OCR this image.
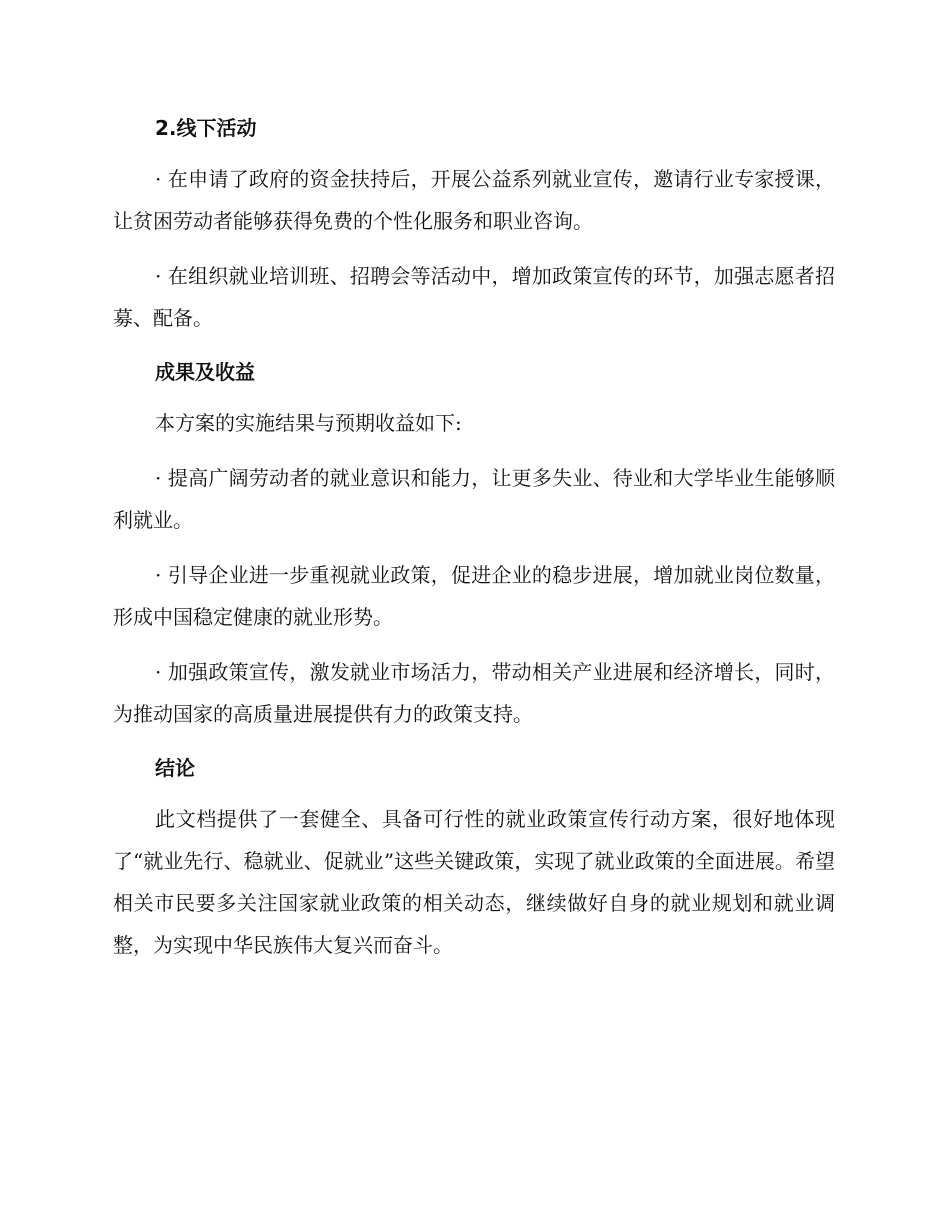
2.线下活动

· 在申请了政府的资金扶持后，开展公益系列就业宣传，邀请行业专家授课，让贫困劳动者能够获得免费的个性化服务和职业咨询。

· 在组织就业培训班、招聘会等活动中，增加政策宣传的环节，加强志愿者招募、配备。

成果及收益

本方案的实施结果与预期收益如下:

· 提高广阔劳动者的就业意识和能力，让更多失业、待业和大学毕业生能够顺利就业。

· 引导企业进一步重视就业政策，促进企业的稳步进展，增加就业岗位数量，形成中国稳定健康的就业形势。

· 加强政策宣传，激发就业市场活力，带动相关产业进展和经济增长，同时，为推动国家的高质量进展提供有力的政策支持。

结论

此文档提供了一套健全、具备可行性的就业政策宣传行动方案，很好地体现了“就业先行、稳就业、促就业”这些关键政策，实现了就业政策的全面进展。希望相关市民要多关注国家就业政策的相关动态，继续做好自身的就业规划和就业调整，为实现中华民族伟大复兴而奋斗。
